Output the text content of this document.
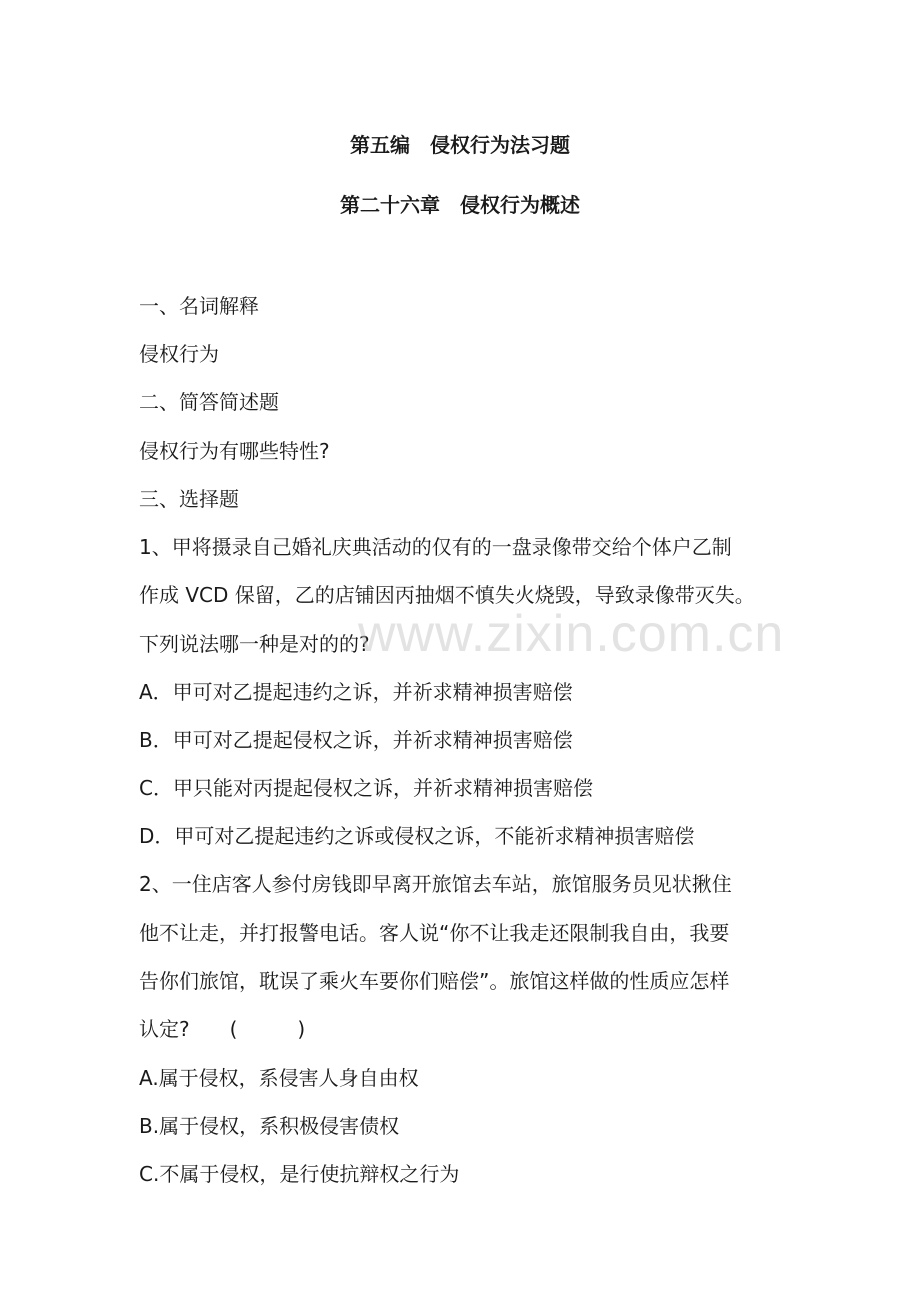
第五编　侵权行为法习题
第二十六章　侵权行为概述
一、名词解释
侵权行为
二、简答简述题
侵权行为有哪些特性?
三、选择题
1、甲将摄录自己婚礼庆典活动的仅有的一盘录像带交给个体户乙制
作成 VCD 保留，乙的店铺因丙抽烟不慎失火烧毁，导致录像带灭失。
下列说法哪一种是对的的?
A．甲可对乙提起违约之诉，并祈求精神损害赔偿
B．甲可对乙提起侵权之诉，并祈求精神损害赔偿
C．甲只能对丙提起侵权之诉，并祈求精神损害赔偿
D．甲可对乙提起违约之诉或侵权之诉，不能祈求精神损害赔偿
2、一住店客人参付房钱即早离开旅馆去车站，旅馆服务员见状揪住
他不让走，并打报警电话。客人说“你不让我走还限制我自由，我要
告你们旅馆，耽误了乘火车要你们赔偿”。旅馆这样做的性质应怎样
认定?　　(　　　)
A.属于侵权，系侵害人身自由权
B.属于侵权，系积极侵害债权
C.不属于侵权，是行使抗辩权之行为
www.zixin.com.cn
